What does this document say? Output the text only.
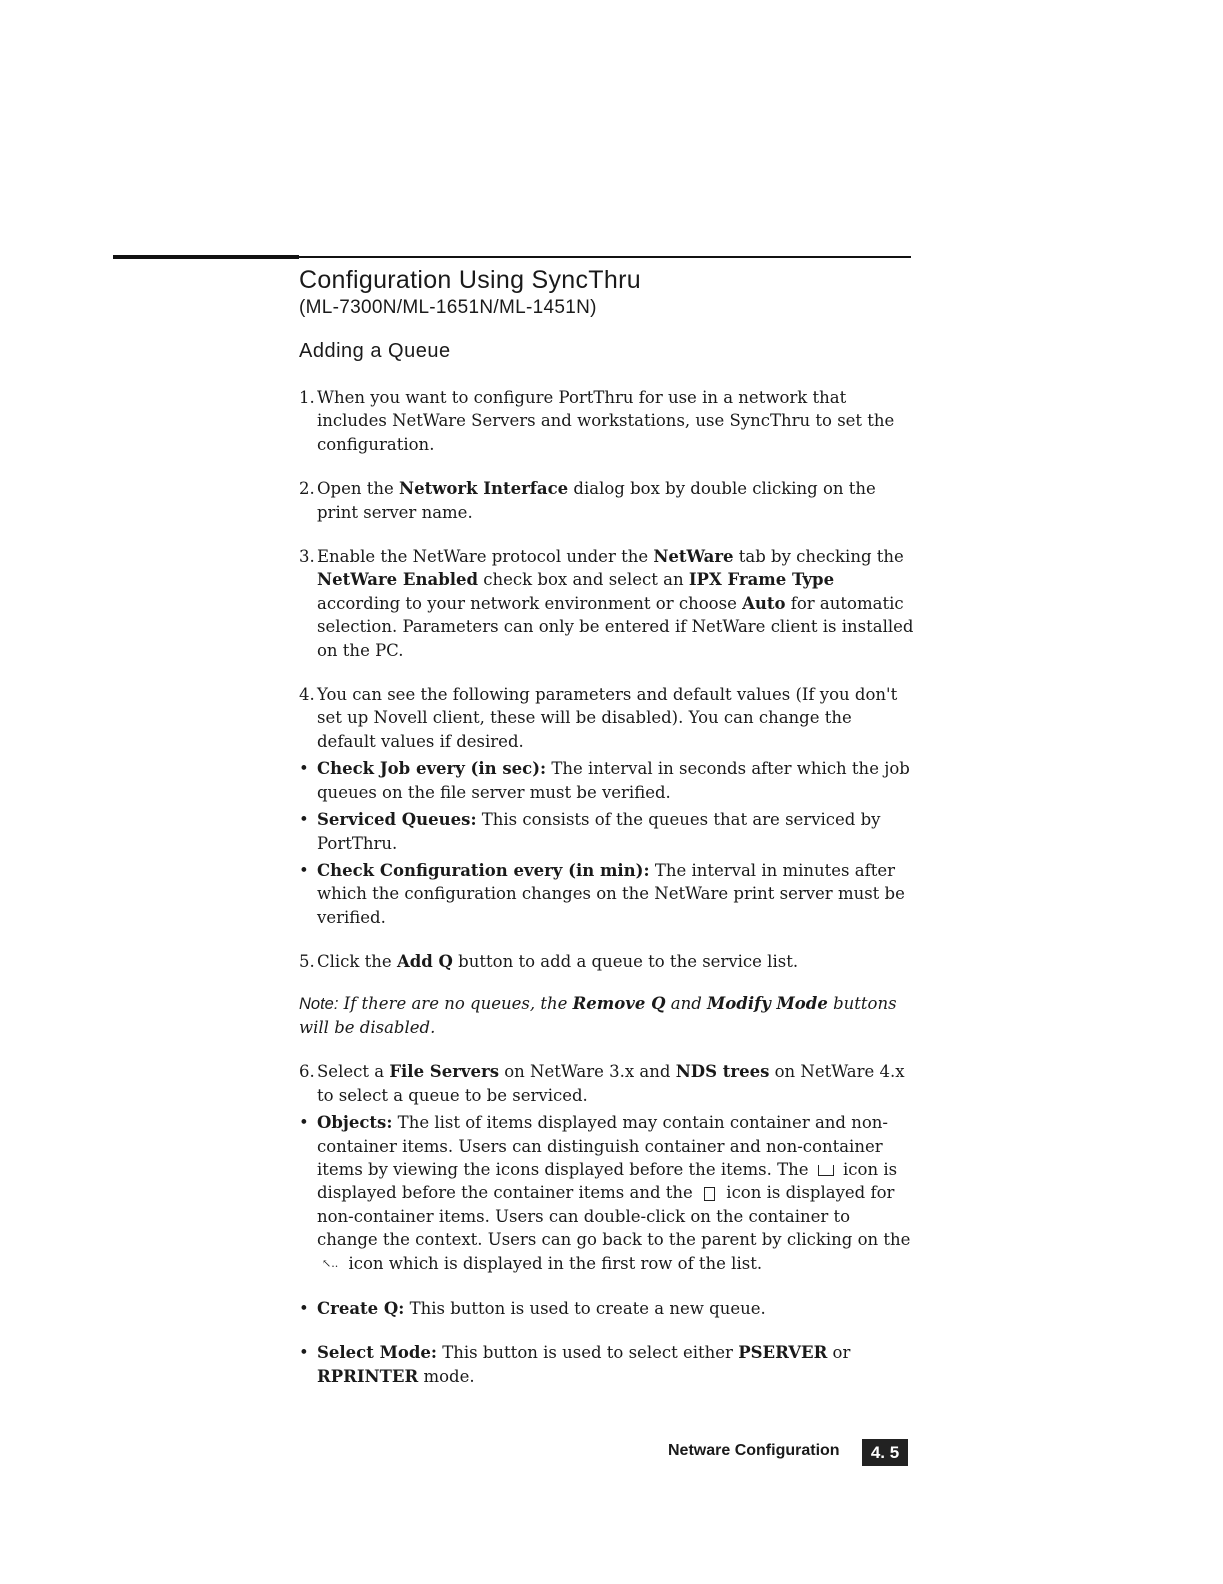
Configuration Using SyncThru
(ML-7300N/ML-1651N/ML-1451N)
Adding a Queue

1. When you want to configure PortThru for use in a network that includes NetWare Servers and workstations, use SyncThru to set the configuration.

2. Open the Network Interface dialog box by double clicking on the print server name.

3. Enable the NetWare protocol under the NetWare tab by checking the NetWare Enabled check box and select an IPX Frame Type according to your network environment or choose Auto for automatic selection. Parameters can only be entered if NetWare client is installed on the PC.

4. You can see the following parameters and default values (If you don't set up Novell client, these will be disabled). You can change the default values if desired.

• Check Job every (in sec): The interval in seconds after which the job queues on the file server must be verified.

• Serviced Queues: This consists of the queues that are serviced by PortThru.

• Check Configuration every (in min): The interval in minutes after which the configuration changes on the NetWare print server must be verified.

5. Click the Add Q button to add a queue to the service list.

Note: If there are no queues, the Remove Q and Modify Mode buttons will be disabled.

6. Select a File Servers on NetWare 3.x and NDS trees on NetWare 4.x to select a queue to be serviced.

• Objects: The list of items displayed may contain container and non-container items. Users can distinguish container and non-container items by viewing the icons displayed before the items. The  icon is displayed before the container items and the  icon is displayed for non-container items. Users can double-click on the container to change the context. Users can go back to the parent by clicking on the ↖.. icon which is displayed in the first row of the list.

• Create Q: This button is used to create a new queue.

• Select Mode: This button is used to select either PSERVER or RPRINTER mode.

Netware Configuration	4. 5
